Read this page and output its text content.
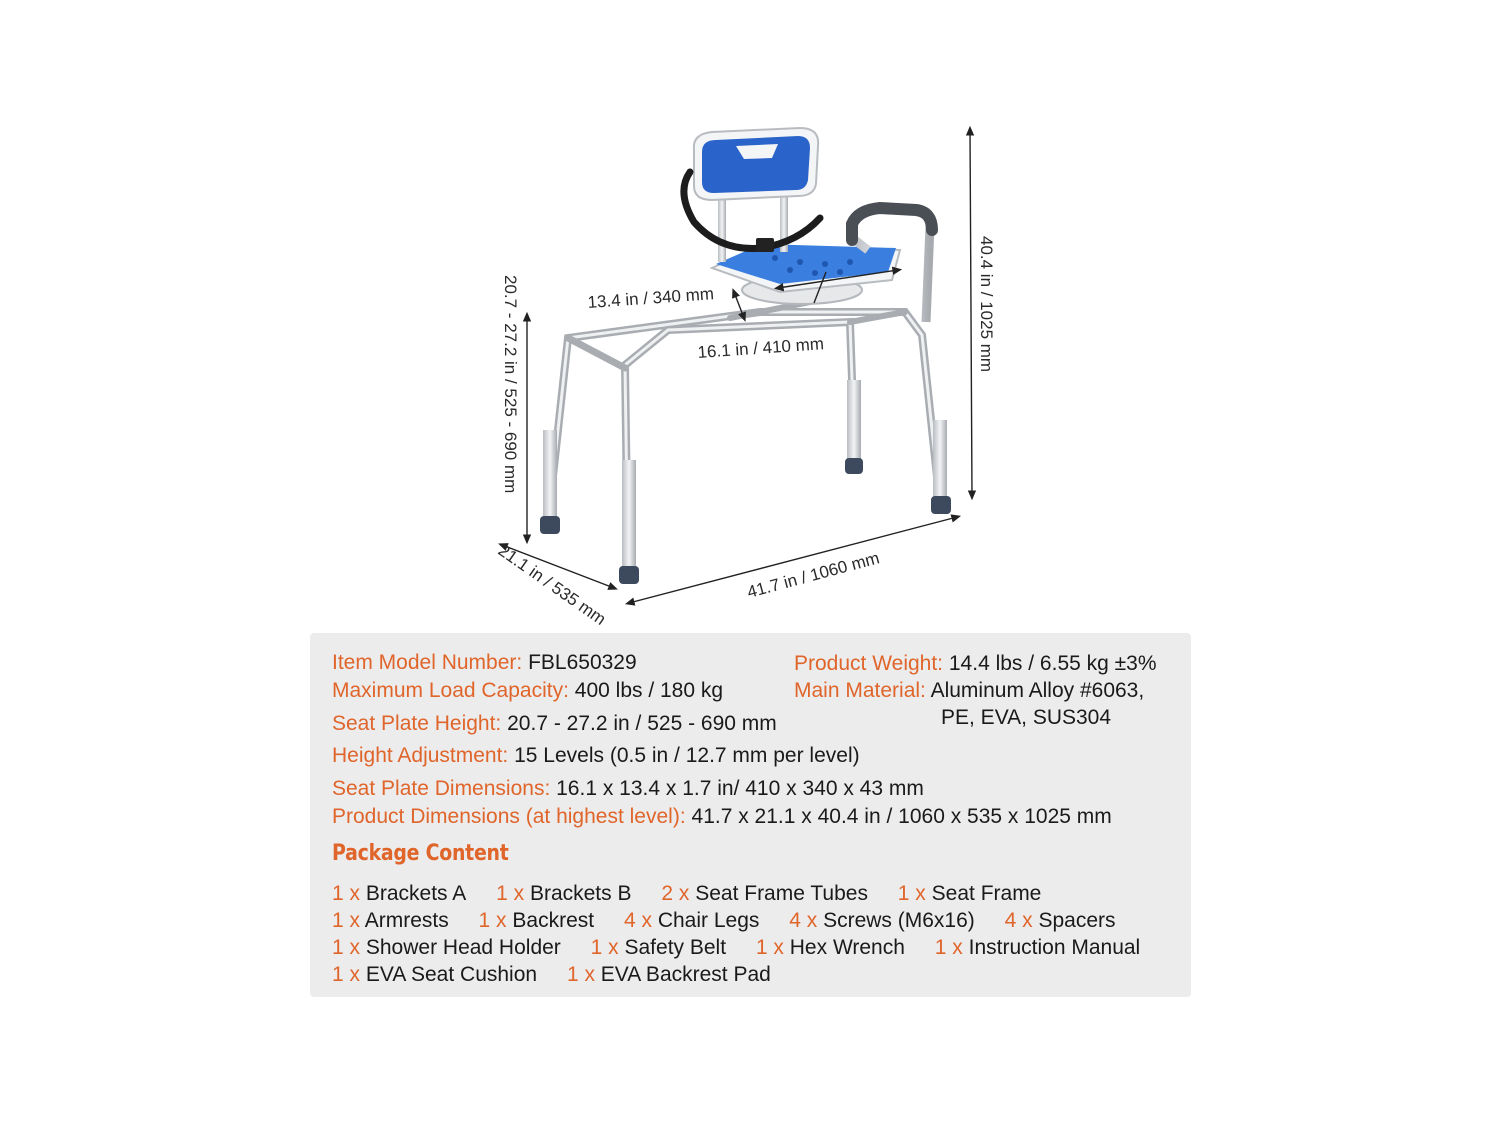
13.4 in / 340 mm
16.1 in / 410 mm
20.7 - 27.2 in / 525 - 690 mm	40.4 in / 1025 mm
41.7 in / 1060 mm
21.1 in / 535 mm
Item Model Number: FBL650329
Maximum Load Capacity: 400 lbs / 180 kg
Seat Plate Height: 20.7 - 27.2 in / 525 - 690 mm
Height Adjustment: 15 Levels (0.5 in / 12.7 mm per level)
Seat Plate Dimensions: 16.1 x 13.4 x 1.7 in/ 410 x 340 x 43 mm
Product Dimensions (at highest level): 41.7 x 21.1 x 40.4 in / 1060 x 535 x 1025 mm
Product Weight: 14.4 lbs / 6.55 kg ±3%
Main Material: Aluminum Alloy #6063,
PE, EVA, SUS304
Package Content
1 x Brackets A 1 x Brackets B 2 x Seat Frame Tubes 1 x Seat Frame
1 x Armrests 1 x Backrest 4 x Chair Legs 4 x Screws (M6x16) 4 x Spacers
1 x Shower Head Holder 1 x Safety Belt 1 x Hex Wrench 1 x Instruction Manual
1 x EVA Seat Cushion 1 x EVA Backrest Pad
